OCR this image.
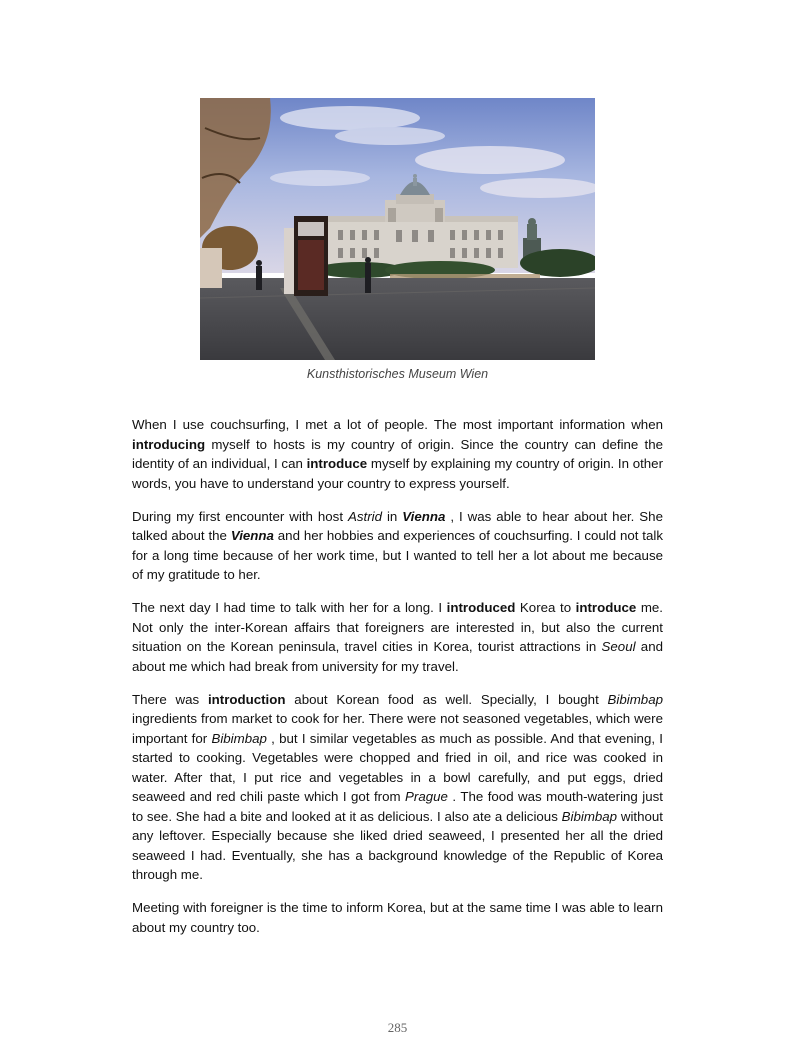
Kunsthistorisches Museum Wien

When I use couchsurfing, I met a lot of people. The most important information when introducing myself to hosts is my country of origin. Since the country can define the identity of an individual, I can introduce myself by explaining my country of origin. In other words, you have to understand your country to express yourself.

During my first encounter with host Astrid in Vienna , I was able to hear about her. She talked about the Vienna and her hobbies and experiences of couchsurfing. I could not talk for a long time because of her work time, but I wanted to tell her a lot about me because of my gratitude to her.

The next day I had time to talk with her for a long. I introduced Korea to introduce me. Not only the inter-Korean affairs that foreigners are interested in, but also the current situation on the Korean peninsula, travel cities in Korea, tourist attractions in Seoul and about me which had break from university for my travel.

There was introduction about Korean food as well. Specially, I bought Bibimbap ingredients from market to cook for her. There were not seasoned vegetables, which were important for Bibimbap , but I similar vegetables as much as possible. And that evening, I started to cooking. Vegetables were chopped and fried in oil, and rice was cooked in water. After that, I put rice and vegetables in a bowl carefully, and put eggs, dried seaweed and red chili paste which I got from Prague . The food was mouth-watering just to see. She had a bite and looked at it as delicious. I also ate a delicious Bibimbap without any leftover. Especially because she liked dried seaweed, I presented her all the dried seaweed I had. Eventually, she has a background knowledge of the Republic of Korea through me.

Meeting with foreigner is the time to inform Korea, but at the same time I was able to learn about my country too.

285
